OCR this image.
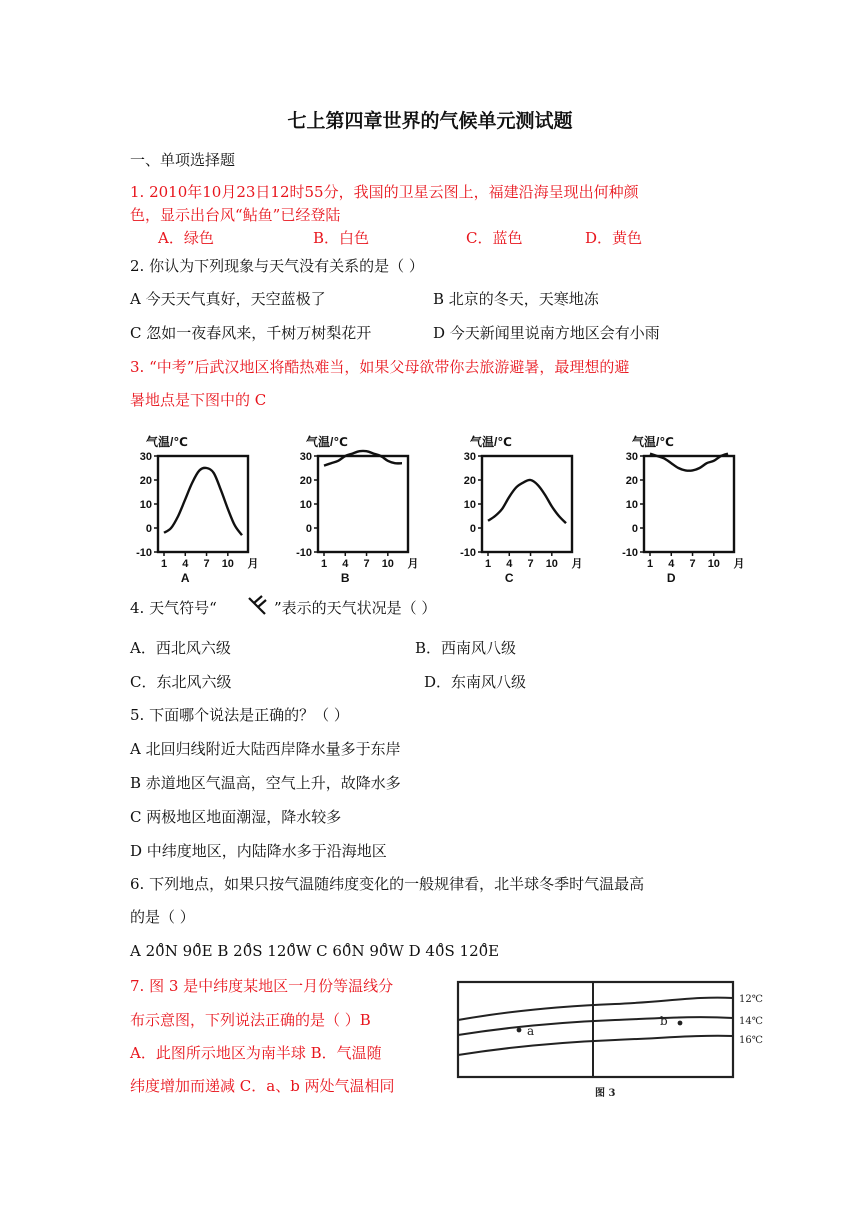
七上第四章世界的气候单元测试题
一、单项选择题
1. 2010年10月23日12时55分，我国的卫星云图上，福建沿海呈现出何种颜
色，显示出台风“鲇鱼”已经登陆
A．绿色	B．白色	C．蓝色	D．黄色
2. 你认为下列现象与天气没有关系的是（ ）
A 今天天气真好，天空蓝极了	B 北京的冬天，天寒地冻
C 忽如一夜春风来，千树万树梨花开	D 今天新闻里说南方地区会有小雨
3. “中考”后武汉地区将酷热难当，如果父母欲带你去旅游避暑，最理想的避
暑地点是下图中的 C
气温/℃
30
20
10
0
-10
1 4 7 10 月
A
气温/℃
30
20
10
0
-10
1 4 7 10 月
B
气温/℃
30
20
10
0
-10
1 4 7 10 月
C
气温/℃
30
20
10
0
-10
1 4 7 10 月
D
4. 天气符号“	”表示的天气状况是（ ）
A．西北风六级	B．西南风八级
C．东北风六级	D．东南风八级
5. 下面哪个说法是正确的？（ ）
A 北回归线附近大陆西岸降水量多于东岸
B 赤道地区气温高，空气上升，故降水多
C 两极地区地面潮湿，降水较多
D 中纬度地区，内陆降水多于沿海地区
6. 下列地点，如果只按气温随纬度变化的一般规律看，北半球冬季时气温最高
的是（ ）
A 20̊N 90̊E B 20̊S 120̊W C 60̊N 90̊W D 40̊S 120̊E
7. 图 3 是中纬度某地区一月份等温线分
布示意图，下列说法正确的是（ ）B
A．此图所示地区为南半球 B．气温随
纬度增加而递减 C．a、b 两处气温相同
a
b
12℃
14℃
16℃
图 3
